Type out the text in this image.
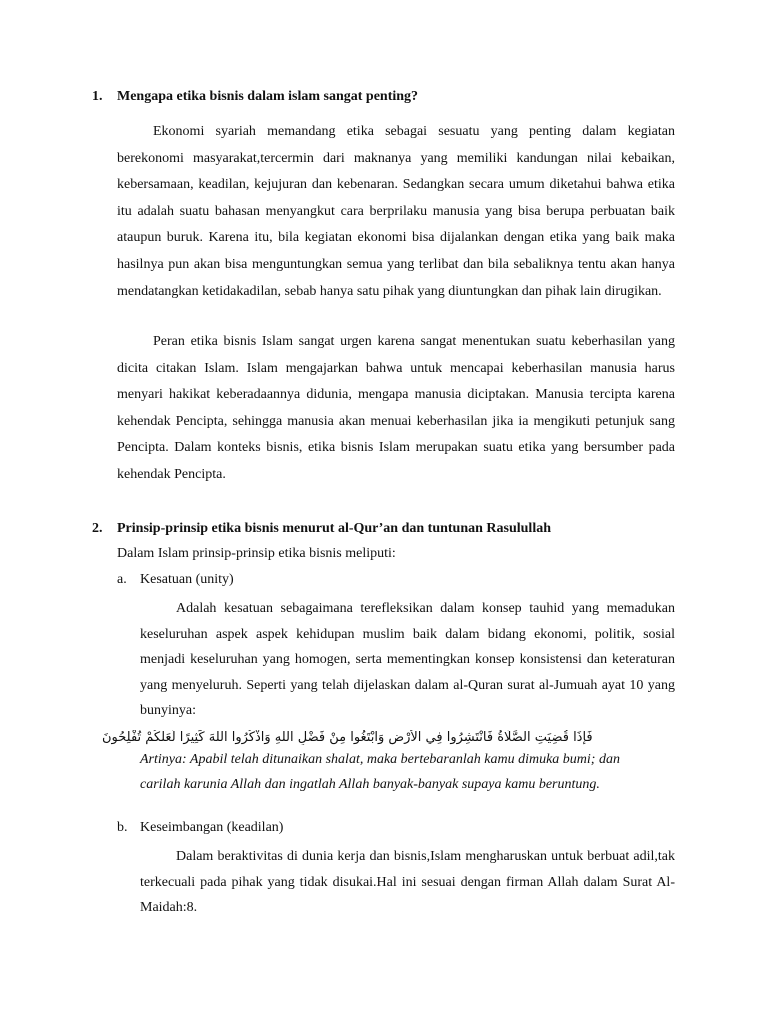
1. Mengapa etika bisnis dalam islam sangat penting?
Ekonomi syariah memandang etika sebagai sesuatu yang penting dalam kegiatan berekonomi masyarakat,tercermin dari maknanya yang memiliki kandungan nilai kebaikan, kebersamaan, keadilan, kejujuran dan kebenaran. Sedangkan secara umum diketahui bahwa etika itu adalah suatu bahasan menyangkut cara berprilaku manusia yang bisa berupa perbuatan baik ataupun buruk. Karena itu, bila kegiatan ekonomi bisa dijalankan dengan etika yang baik maka hasilnya pun akan bisa menguntungkan semua yang terlibat dan bila sebaliknya tentu akan hanya mendatangkan ketidakadilan, sebab hanya satu pihak yang diuntungkan dan pihak lain dirugikan.
Peran etika bisnis Islam sangat urgen karena sangat menentukan suatu keberhasilan yang dicita citakan Islam. Islam mengajarkan bahwa untuk mencapai keberhasilan manusia harus menyari hakikat keberadaannya didunia, mengapa manusia diciptakan. Manusia tercipta karena kehendak Pencipta, sehingga manusia akan menuai keberhasilan jika ia mengikuti petunjuk sang Pencipta. Dalam konteks bisnis, etika bisnis Islam merupakan suatu etika yang bersumber pada kehendak Pencipta.
2. Prinsip-prinsip etika bisnis menurut al-Qur’an dan tuntunan Rasulullah
Dalam Islam prinsip-prinsip etika bisnis meliputi:
a. Kesatuan (unity)
Adalah kesatuan sebagaimana terefleksikan dalam konsep tauhid yang memadukan keseluruhan aspek aspek kehidupan muslim baik dalam bidang ekonomi, politik, sosial menjadi keseluruhan yang homogen, serta mementingkan konsep konsistensi dan keteraturan yang menyeluruh. Seperti yang telah dijelaskan dalam al-Quran surat al-Jumuah ayat 10 yang bunyinya:
فَإِذَا قُضِيَتِ الصَّلَاةُ فَانْتَشِرُوا فِي الْأَرْضِ وَابْتَغُوا مِنْ فَضْلِ اللَّهِ وَاذْكُرُوا اللَّهَ كَثِيرًا لَعَلَّكُمْ تُفْلِحُونَ
Artinya: Apabil telah ditunaikan shalat, maka bertebaranlah kamu dimuka bumi; dan
carilah karunia Allah dan ingatlah Allah banyak-banyak supaya kamu beruntung.
b. Keseimbangan (keadilan)
Dalam beraktivitas di dunia kerja dan bisnis,Islam mengharuskan untuk berbuat adil,tak terkecuali pada pihak yang tidak disukai.Hal ini sesuai dengan firman Allah dalam Surat Al-Maidah:8.
